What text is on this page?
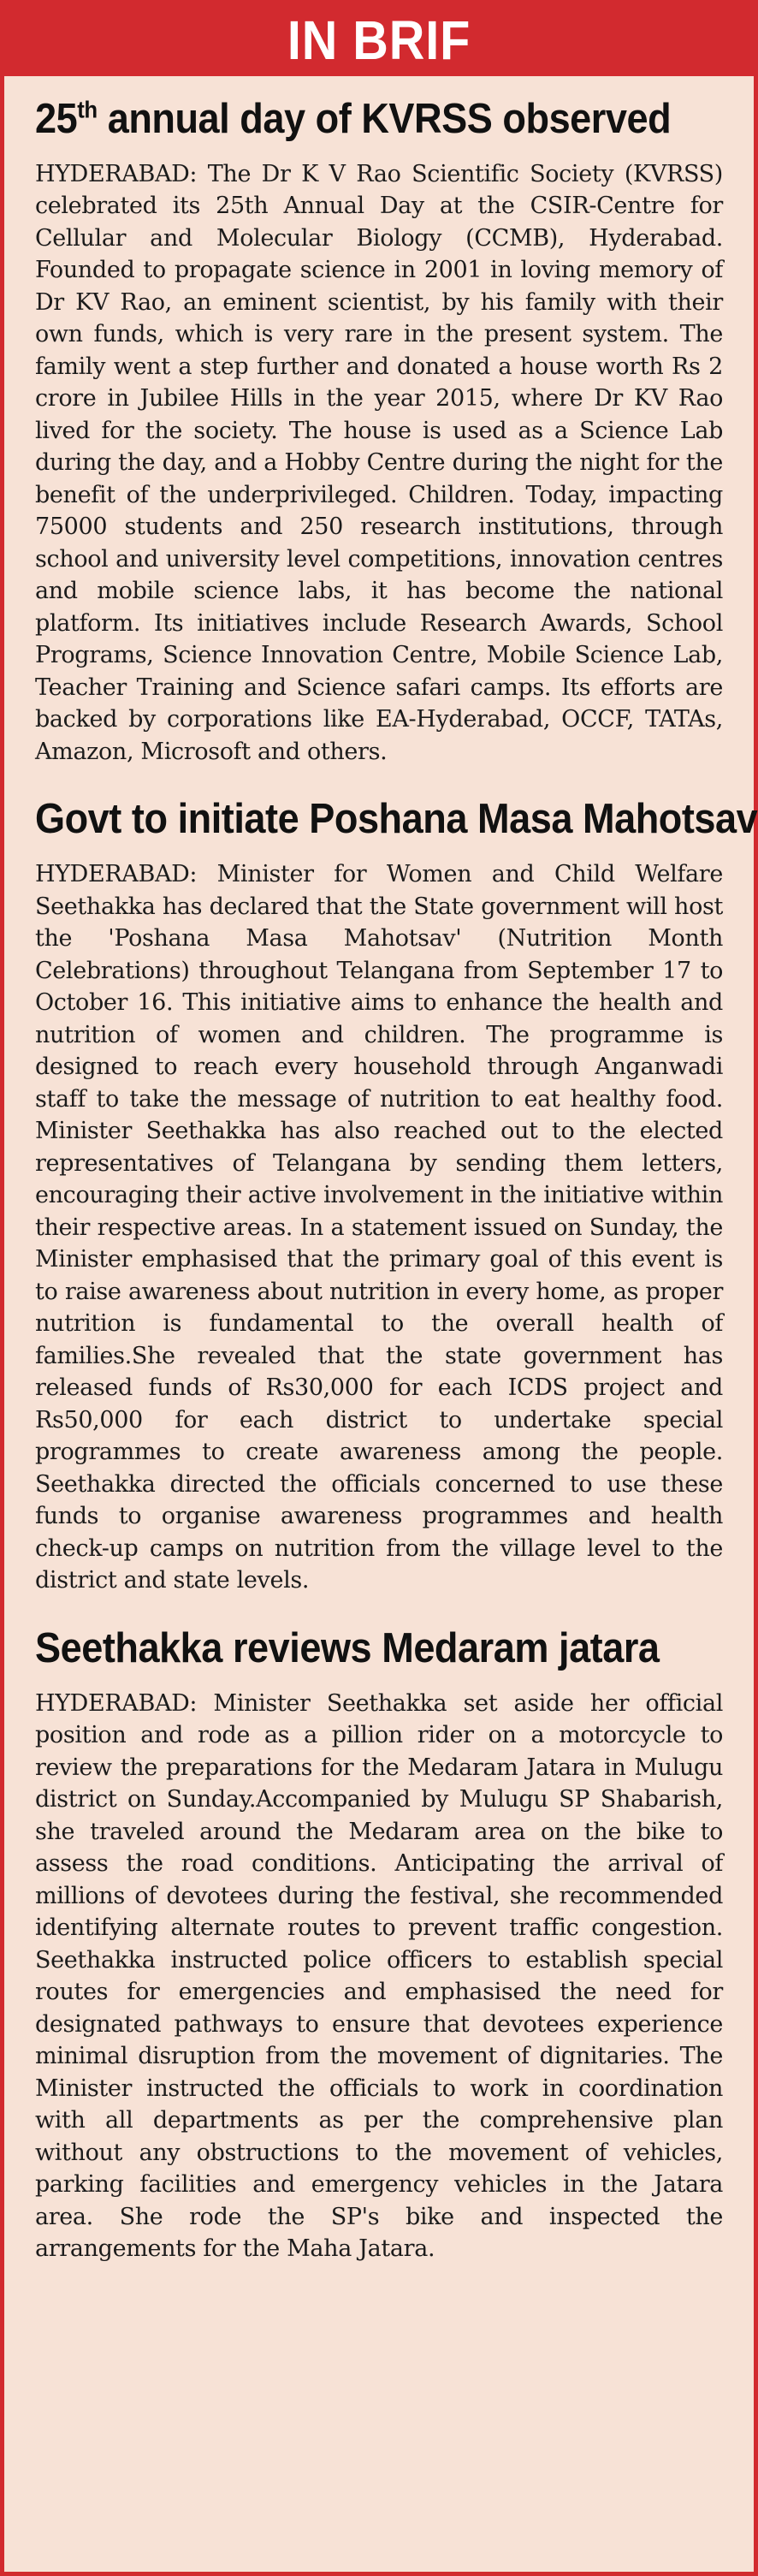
IN BRIF
25th annual day of KVRSS observed

HYDERABAD: The Dr K V Rao Scientific Society (KVRSS) celebrated its 25th Annual Day at the CSIR-Centre for Cellular and Molecular Biology (CCMB), Hyderabad. Founded to propagate science in 2001 in loving memory of Dr KV Rao, an eminent scientist, by his family with their own funds, which is very rare in the present system. The family went a step further and donated a house worth Rs 2 crore in Jubilee Hills in the year 2015, where Dr KV Rao lived for the society. The house is used as a Science Lab during the day, and a Hobby Centre during the night for the benefit of the underprivileged. Children. Today, impacting 75000 students and 250 research institutions, through school and university level competitions, innovation centres and mobile science labs, it has become the national platform. Its initiatives include Research Awards, School Programs, Science Innovation Centre, Mobile Science Lab, Teacher Training and Science safari camps. Its efforts are backed by corporations like EA-Hyderabad, OCCF, TATAs, Amazon, Microsoft and others.

Govt to initiate Poshana Masa Mahotsav

HYDERABAD: Minister for Women and Child Welfare Seethakka has declared that the State government will host the 'Poshana Masa Mahotsav' (Nutrition Month Celebrations) throughout Telangana from September 17 to October 16. This initiative aims to enhance the health and nutrition of women and children. The programme is designed to reach every household through Anganwadi staff to take the message of nutrition to eat healthy food. Minister Seethakka has also reached out to the elected representatives of Telangana by sending them letters, encouraging their active involvement in the initiative within their respective areas. In a statement issued on Sunday, the Minister emphasised that the primary goal of this event is to raise awareness about nutrition in every home, as proper nutrition is fundamental to the overall health of families.She revealed that the state government has released funds of Rs30,000 for each ICDS project and Rs50,000 for each district to undertake special programmes to create awareness among the people. Seethakka directed the officials concerned to use these funds to organise awareness programmes and health check-up camps on nutrition from the village level to the district and state levels.

Seethakka reviews Medaram jatara

HYDERABAD: Minister Seethakka set aside her official position and rode as a pillion rider on a motorcycle to review the preparations for the Medaram Jatara in Mulugu district on Sunday.Accompanied by Mulugu SP Shabarish, she traveled around the Medaram area on the bike to assess the road conditions. Anticipating the arrival of millions of devotees during the festival, she recommended identifying alternate routes to prevent traffic congestion. Seethakka instructed police officers to establish special routes for emergencies and emphasised the need for designated pathways to ensure that devotees experience minimal disruption from the movement of dignitaries. The Minister instructed the officials to work in coordination with all departments as per the comprehensive plan without any obstructions to the movement of vehicles, parking facilities and emergency vehicles in the Jatara area. She rode the SP's bike and inspected the arrangements for the Maha Jatara.
